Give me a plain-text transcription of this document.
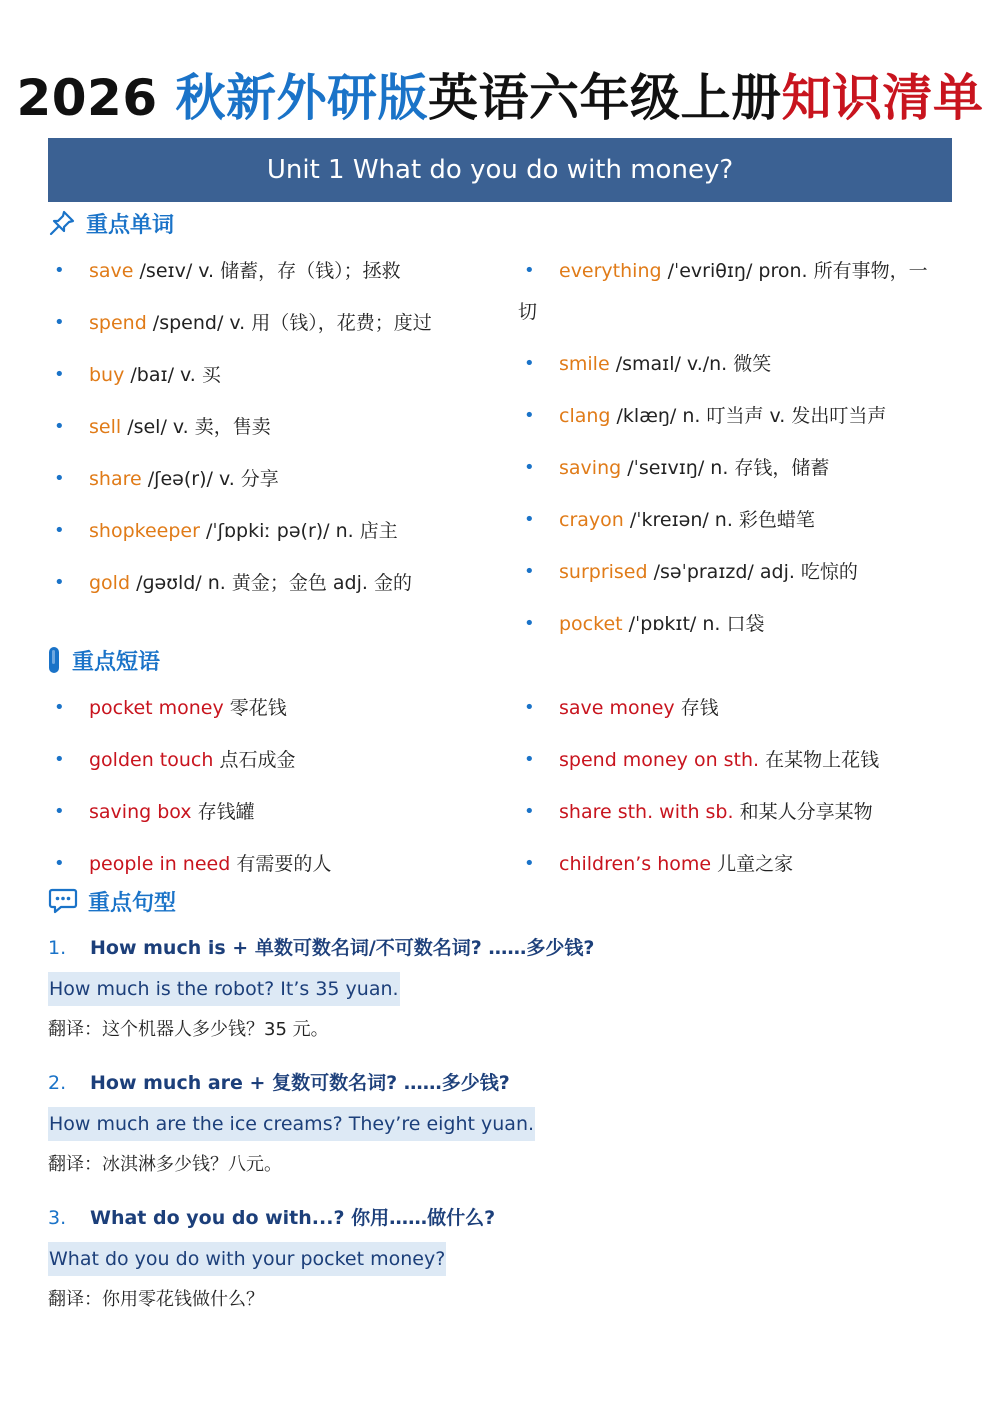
2026 秋新外研版英语六年级上册知识清单
Unit 1 What do you do with money?
重点单词
• save /seɪv/ v. 储蓄，存（钱）；拯救
• spend /spend/ v. 用（钱），花费；度过
• buy /baɪ/ v. 买
• sell /sel/ v. 卖，售卖
• share /ʃeə(r)/ v. 分享
• shopkeeper /ˈʃɒpkiː pə(r)/ n. 店主
• gold /ɡəʊld/ n. 黄金；金色 adj. 金的
• everything /ˈevriθɪŋ/ pron. 所有事物，一
切
• smile /smaɪl/ v./n. 微笑
• clang /klæŋ/ n. 叮当声 v. 发出叮当声
• saving /ˈseɪvɪŋ/ n. 存钱，储蓄
• crayon /ˈkreɪən/ n. 彩色蜡笔
• surprised /səˈpraɪzd/ adj. 吃惊的
• pocket /ˈpɒkɪt/ n. 口袋
重点短语
• pocket money 零花钱
• golden touch 点石成金
• saving box 存钱罐
• people in need 有需要的人
• save money 存钱
• spend money on sth. 在某物上花钱
• share sth. with sb. 和某人分享某物
• children’s home 儿童之家
重点句型
1. How much is + 单数可数名词/不可数名词? ……多少钱?
How much is the robot? It’s 35 yuan.
翻译：这个机器人多少钱？35 元。
2. How much are + 复数可数名词? ……多少钱?
How much are the ice creams? They’re eight yuan.
翻译：冰淇淋多少钱？八元。
3. What do you do with...? 你用……做什么?
What do you do with your pocket money?
翻译：你用零花钱做什么？
